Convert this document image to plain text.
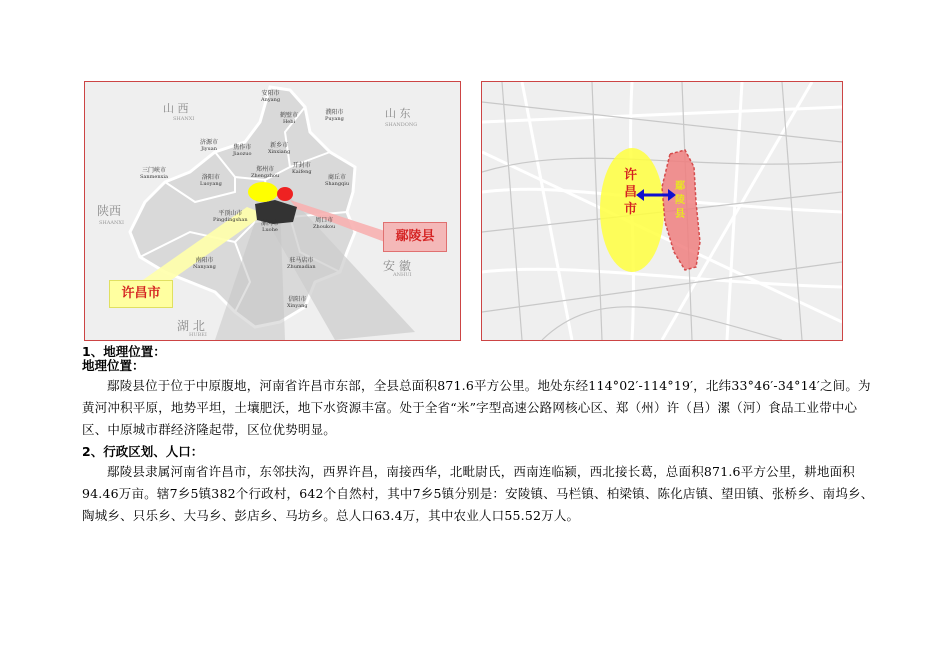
山 西
SHANXI	山 东
SHANDONG
陕西
SHAANXI
安 徽
ANHUI
湖 北
HUBEI
安阳市
Anyang
鹤壁市
Hebi
濮阳市
Puyang
济源市
Jiyuan	焦作市
Jiaozuo
新乡市
Xinxiang
三门峡市
Sanmenxia	洛阳市
Luoyang
郑州市
Zhengzhou
开封市
Kaifeng
商丘市
Shangqiu
平顶山市
Pingdingshan 漯河市
Luohe
周口市
Zhoukou
南阳市
Nanyang
驻马店市
Zhumadian
信阳市
Xinyang
许昌市
鄢陵县
许昌市
鄢陵县
1、地理位置：
地理位置：

鄢陵县位于位于中原腹地，河南省许昌市东部，全县总面积871.6平方公里。地处东经114°02′-114°19′，北纬33°46′-34°14′之间。为黄河冲积平原，地势平坦，土壤肥沃，地下水资源丰富。处于全省“米”字型高速公路网核心区、郑（州）许（昌）漯（河）食品工业带中心区、中原城市群经济隆起带，区位优势明显。

2、行政区划、人口：

鄢陵县隶属河南省许昌市，东邻扶沟，西界许昌，南接西华，北毗尉氏，西南连临颍，西北接长葛，总面积871.6平方公里，耕地面积94.46万亩。辖7乡5镇382个行政村，642个自然村，其中7乡5镇分别是：安陵镇、马栏镇、柏梁镇、陈化店镇、望田镇、张桥乡、南坞乡、陶城乡、只乐乡、大马乡、彭店乡、马坊乡。总人口63.4万，其中农业人口55.52万人。
